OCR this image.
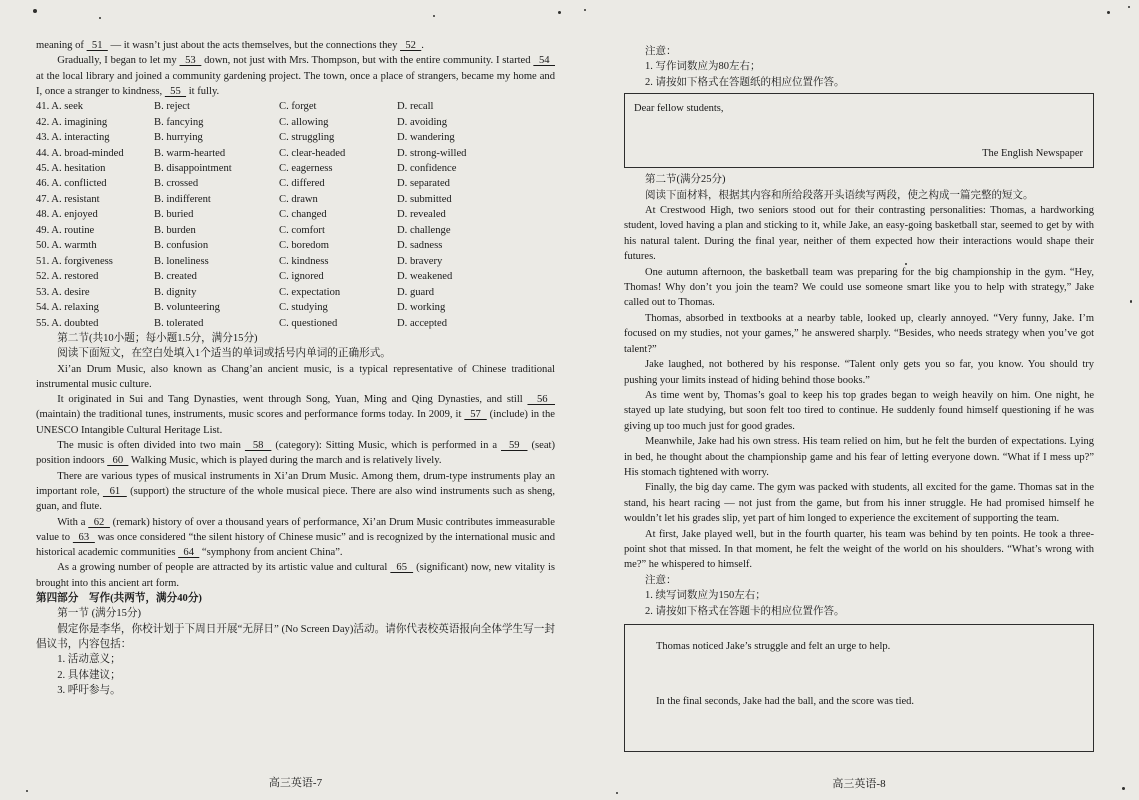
meaning of   51   — it wasn’t just about the acts themselves, but the connections they   52  .

Gradually, I began to let my   53   down, not just with Mrs. Thompson, but with the entire community. I started   54   at the local library and joined a community gardening project. The town, once a place of strangers, became my home and I, once a stranger to kindness,   55   it fully.

41. A. seek	B. reject	C. forget	D. recall
42. A. imagining	B. fancying	C. allowing	D. avoiding
43. A. interacting	B. hurrying	C. struggling	D. wandering
44. A. broad-minded	B. warm-hearted	C. clear-headed	D. strong-willed
45. A. hesitation	B. disappointment	C. eagerness	D. confidence
46. A. conflicted	B. crossed	C. differed	D. separated
47. A. resistant	B. indifferent	C. drawn	D. submitted
48. A. enjoyed	B. buried	C. changed	D. revealed
49. A. routine	B. burden	C. comfort	D. challenge
50. A. warmth	B. confusion	C. boredom	D. sadness
51. A. forgiveness	B. loneliness	C. kindness	D. bravery
52. A. restored	B. created	C. ignored	D. weakened
53. A. desire	B. dignity	C. expectation	D. guard
54. A. relaxing	B. volunteering	C. studying	D. working
55. A. doubted	B. tolerated	C. questioned	D. accepted

第二节(共10小题；每小题1.5分，满分15分)

阅读下面短文，在空白处填入1个适当的单词或括号内单词的正确形式。

Xi’an Drum Music, also known as Chang’an ancient music, is a typical representative of Chinese traditional instrumental music culture.

It originated in Sui and Tang Dynasties, went through Song, Yuan, Ming and Qing Dynasties, and still   56   (maintain) the traditional tunes, instruments, music scores and performance forms today. In 2009, it   57   (include) in the UNESCO Intangible Cultural Heritage List.

The music is often divided into two main   58   (category): Sitting Music, which is performed in a   59   (seat) position indoors   60   Walking Music, which is played during the march and is relatively lively.

There are various types of musical instruments in Xi’an Drum Music. Among them, drum-type instruments play an important role,   61   (support) the structure of the whole musical piece. There are also wind instruments such as sheng, guan, and flute.

With a   62   (remark) history of over a thousand years of performance, Xi’an Drum Music contributes immeasurable value to   63   was once considered “the silent history of Chinese music” and is recognized by the international music and historical academic communities   64   “symphony from ancient China”.

As a growing number of people are attracted by its artistic value and cultural   65   (significant) now, new vitality is brought into this ancient art form.

第四部分　写作(共两节，满分40分)

第一节 (满分15分)

假定你是李华，你校计划于下周日开展“无屏日” (No Screen Day)活动。请你代表校英语报向全体学生写一封倡议书，内容包括：

1. 活动意义；

2. 具体建议；

3. 呼吁参与。

注意：

1. 写作词数应为80左右；

2. 请按如下格式在答题纸的相应位置作答。

Dear fellow students,

The English Newspaper

第二节(满分25分)

阅读下面材料，根据其内容和所给段落开头语续写两段，使之构成一篇完整的短文。

At Crestwood High, two seniors stood out for their contrasting personalities: Thomas, a hardworking student, loved having a plan and sticking to it, while Jake, an easy-going basketball star, seemed to get by with his natural talent. During the final year, neither of them expected how their interactions would shape their futures.

One autumn afternoon, the basketball team was preparing for the big championship in the gym. “Hey, Thomas! Why don’t you join the team? We could use someone smart like you to help with strategy,” Jake called out to Thomas.

Thomas, absorbed in textbooks at a nearby table, looked up, clearly annoyed. “Very funny, Jake. I’m focused on my studies, not your games,” he answered sharply. “Besides, who needs strategy when you’ve got talent?”

Jake laughed, not bothered by his response. “Talent only gets you so far, you know. You should try pushing your limits instead of hiding behind those books.”

As time went by, Thomas’s goal to keep his top grades began to weigh heavily on him. One night, he stayed up late studying, but soon felt too tired to continue. He suddenly found himself questioning if he was giving up too much just for good grades.

Meanwhile, Jake had his own stress. His team relied on him, but he felt the burden of expectations. Lying in bed, he thought about the championship game and his fear of letting everyone down. “What if I mess up?” His stomach tightened with worry.

Finally, the big day came. The gym was packed with students, all excited for the game. Thomas sat in the stand, his heart racing — not just from the game, but from his inner struggle. He had promised himself he wouldn’t let his grades slip, yet part of him longed to experience the excitement of supporting the team.

At first, Jake played well, but in the fourth quarter, his team was behind by ten points. He took a three-point shot that missed. In that moment, he felt the weight of the world on his shoulders. “What’s wrong with me?” he whispered to himself.

注意：

1. 续写词数应为150左右；

2. 请按如下格式在答题卡的相应位置作答。

Thomas noticed Jake’s struggle and felt an urge to help.

In the final seconds, Jake had the ball, and the score was tied.

高三英语-7	高三英语-8
